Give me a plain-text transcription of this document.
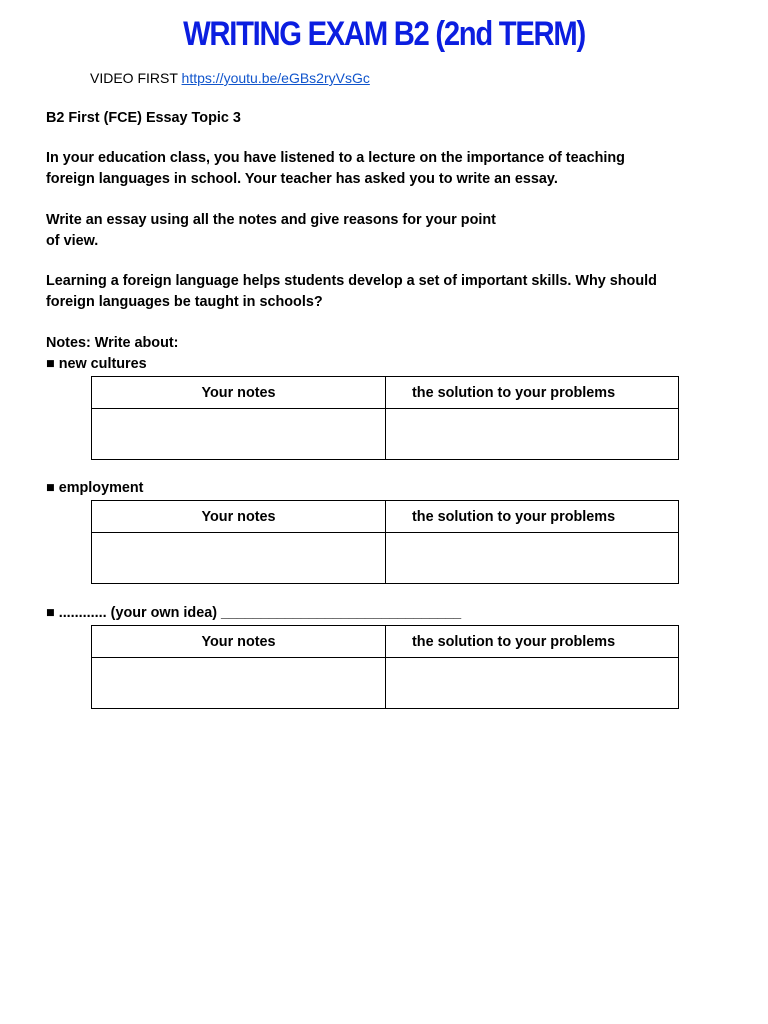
WRITING EXAM B2 (2nd TERM)
VIDEO FIRST https://youtu.be/eGBs2ryVsGc

B2 First (FCE) Essay Topic 3

In your education class, you have listened to a lecture on the importance of teaching

foreign languages in school. Your teacher has asked you to write an essay.

Write an essay using all the notes and give reasons for your point

of view.

Learning a foreign language helps students develop a set of important skills. Why should

foreign languages be taught in schools?

Notes: Write about:

■ new cultures
Your notes	the solution to your problems

■ employment
Your notes	the solution to your problems

■ ............ (your own idea) ______________________________
Your notes	the solution to your problems
